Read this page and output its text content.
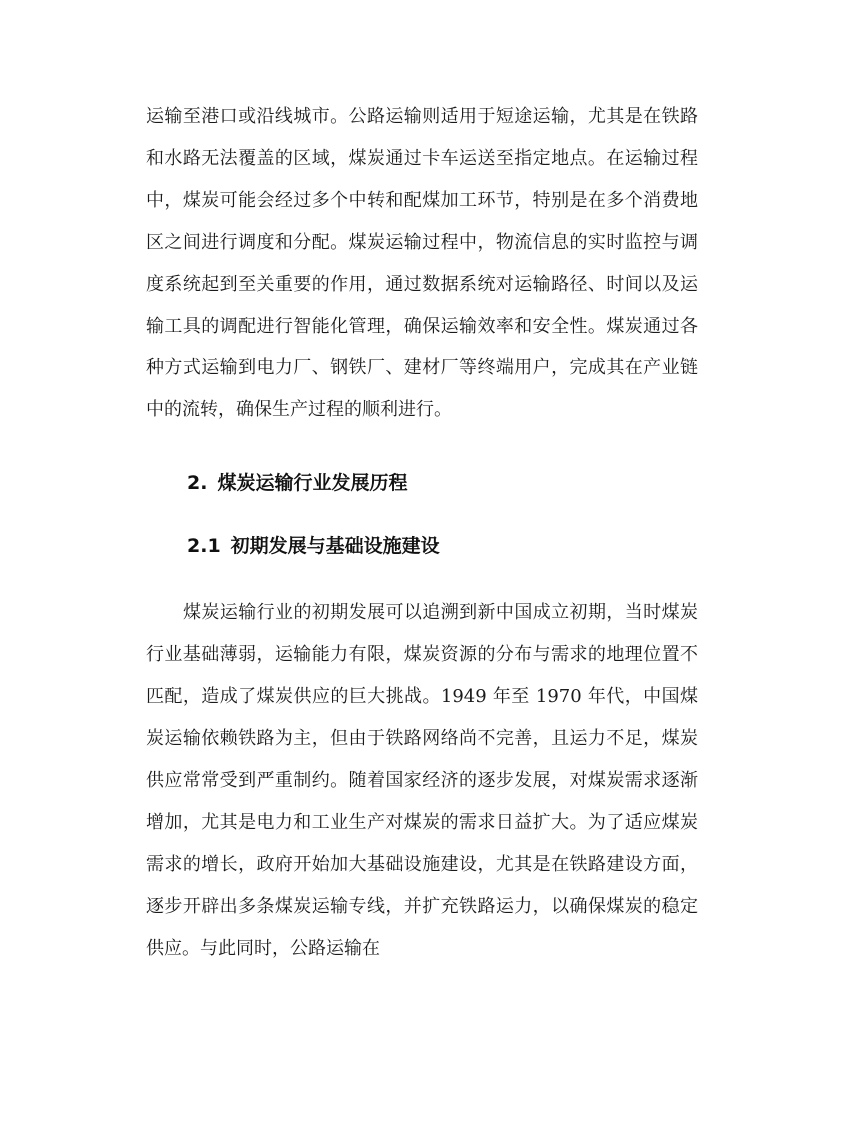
运输至港口或沿线城市。公路运输则适用于短途运输，尤其是在铁路和水路无法覆盖的区域，煤炭通过卡车运送至指定地点。在运输过程中，煤炭可能会经过多个中转和配煤加工环节，特别是在多个消费地区之间进行调度和分配。煤炭运输过程中，物流信息的实时监控与调度系统起到至关重要的作用，通过数据系统对运输路径、时间以及运输工具的调配进行智能化管理，确保运输效率和安全性。煤炭通过各种方式运输到电力厂、钢铁厂、建材厂等终端用户，完成其在产业链中的流转，确保生产过程的顺利进行。

2. 煤炭运输行业发展历程
2.1 初期发展与基础设施建设

煤炭运输行业的初期发展可以追溯到新中国成立初期，当时煤炭行业基础薄弱，运输能力有限，煤炭资源的分布与需求的地理位置不匹配，造成了煤炭供应的巨大挑战。1949 年至 1970 年代，中国煤炭运输依赖铁路为主，但由于铁路网络尚不完善，且运力不足，煤炭供应常常受到严重制约。随着国家经济的逐步发展，对煤炭需求逐渐增加，尤其是电力和工业生产对煤炭的需求日益扩大。为了适应煤炭需求的增长，政府开始加大基础设施建设，尤其是在铁路建设方面，逐步开辟出多条煤炭运输专线，并扩充铁路运力，以确保煤炭的稳定供应。与此同时，公路运输在
